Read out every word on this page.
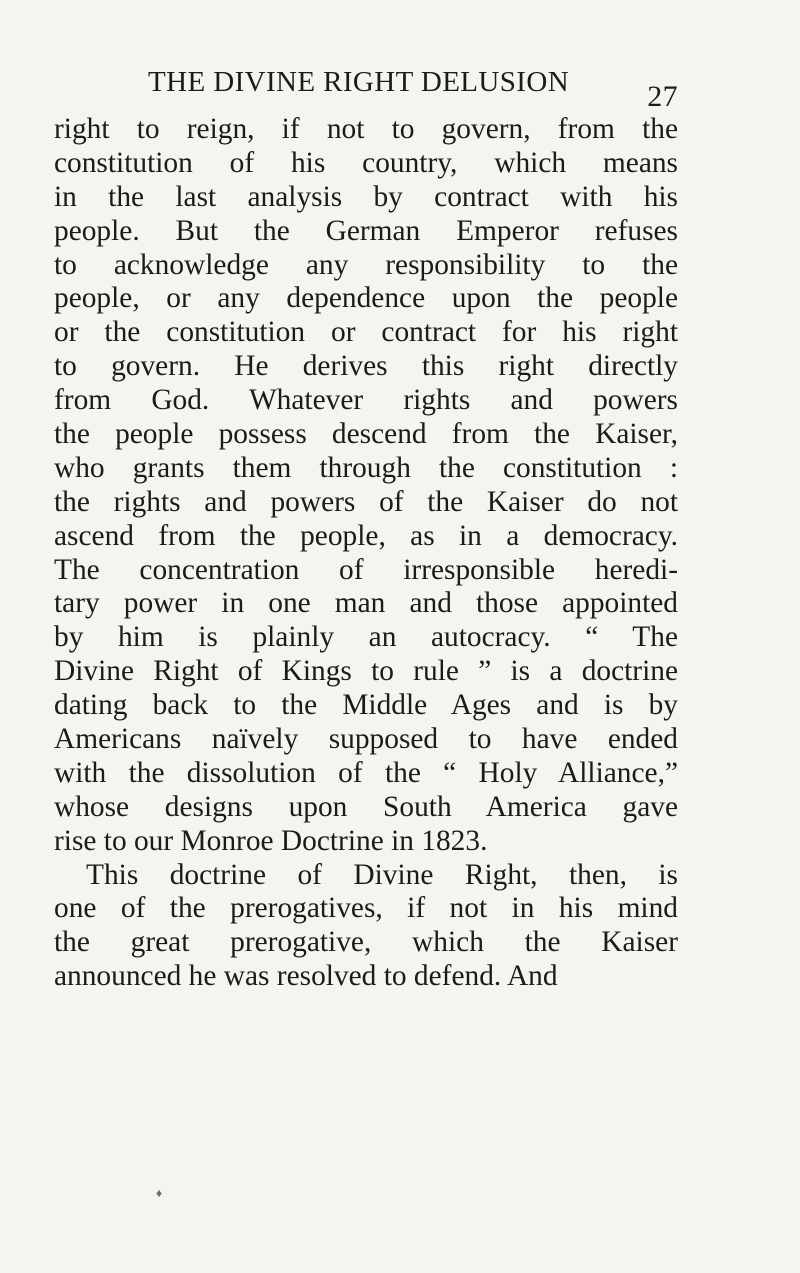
THE DIVINE RIGHT DELUSION	27
right to reign, if not to govern, from the
constitution of his country, which means
in the last analysis by contract with his
people. But the German Emperor refuses
to acknowledge any responsibility to the
people, or any dependence upon the people
or the constitution or contract for his right
to govern. He derives this right directly
from God. Whatever rights and powers
the people possess descend from the Kaiser,
who grants them through the constitution :
the rights and powers of the Kaiser do not
ascend from the people, as in a democracy.
The concentration of irresponsible heredi-
tary power in one man and those appointed
by him is plainly an autocracy. “ The
Divine Right of Kings to rule ” is a doctrine
dating back to the Middle Ages and is by
Americans naïvely supposed to have ended
with the dissolution of the “ Holy Alliance,”
whose designs upon South America gave
rise to our Monroe Doctrine in 1823.
This doctrine of Divine Right, then, is
one of the prerogatives, if not in his mind
the great prerogative, which the Kaiser
announced he was resolved to defend. And
♦
